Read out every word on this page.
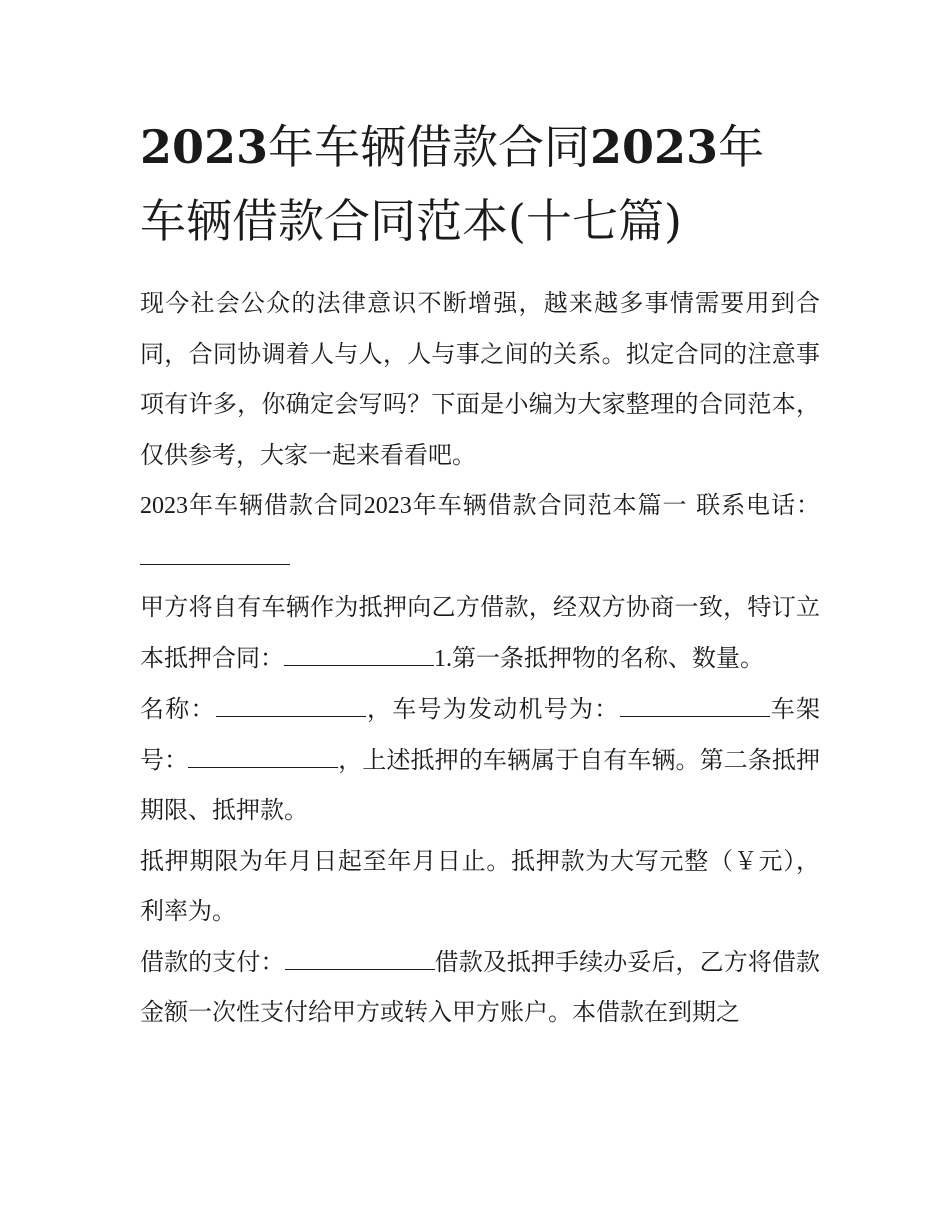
2023年车辆借款合同2023年
车辆借款合同范本(十七篇)

现今社会公众的法律意识不断增强，越来越多事情需要用到合同，合同协调着人与人，人与事之间的关系。拟定合同的注意事项有许多，你确定会写吗？下面是小编为大家整理的合同范本，仅供参考，大家一起来看看吧。

2023年车辆借款合同2023年车辆借款合同范本篇一 联系电话：

甲方将自有车辆作为抵押向乙方借款，经双方协商一致，特订立本抵押合同：	1.第一条抵押物的名称、数量。

名称：	，车号为发动机号为：	车架号：	，上述抵押的车辆属于自有车辆。第二条抵押期限、抵押款。

抵押期限为年月日起至年月日止。抵押款为大写元整（￥元），利率为。

借款的支付：	借款及抵押手续办妥后，乙方将借款金额一次性支付给甲方或转入甲方账户。本借款在到期之
